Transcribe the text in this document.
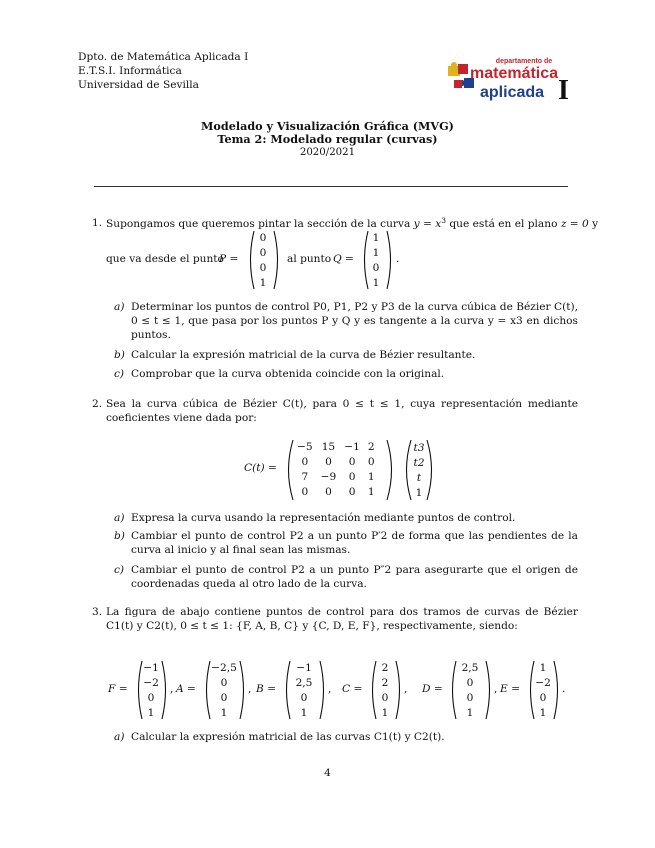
Dpto. de Matemática Aplicada I
E.T.S.I. Informática
Universidad de Sevilla
departamento de
matemática
aplicada I
Modelado y Visualización Gráfica (MVG)
Tema 2: Modelado regular (curvas)
2020/2021
1. Supongamos que queremos pintar la sección de la curva $y = x^3$ que está en el plano z = 0 y
que va desde el punto
P =
0
0
0
1
al punto Q =
1
1
0
1
.
a) Determinar los puntos de control P0, P1, P2 y P3 de la curva cúbica de Bézier C(t), 0 ≤ t ≤ 1, que pasa por los puntos P y Q y es tangente a la curva y = x3 en dichos puntos.
b) Calcular la expresión matricial de la curva de Bézier resultante.
c) Comprobar que la curva obtenida coincide con la original.
2. Sea la curva cúbica de Bézier C(t), para 0 ≤ t ≤ 1, cuya representación mediante coeficientes viene dada por:
C(t) =
−5	15	−1	2
0	0	0	0
7	−9	0	1
0	0	0	1
t3
t2
t
1
a) Expresa la curva usando la representación mediante puntos de control.
b) Cambiar el punto de control P2 a un punto P′2 de forma que las pendientes de la curva al inicio y al final sean las mismas.
c) Cambiar el punto de control P2 a un punto P″2 para asegurarte que el origen de coordenadas queda al otro lado de la curva.
3. La figura de abajo contiene puntos de control para dos tramos de curvas de Bézier C1(t) y C2(t), 0 ≤ t ≤ 1: {F, A, B, C} y {C, D, E, F}, respectivamente, siendo:
F =
−1
−2
0
1
, A =
−2,5
0
0
1
, B =
−1
2,5
0
1
, C =
2
2
0
1
, D =
2,5
0
0
1
, E =
1
−2
0
1
.
a) Calcular la expresión matricial de las curvas C1(t) y C2(t).
4
